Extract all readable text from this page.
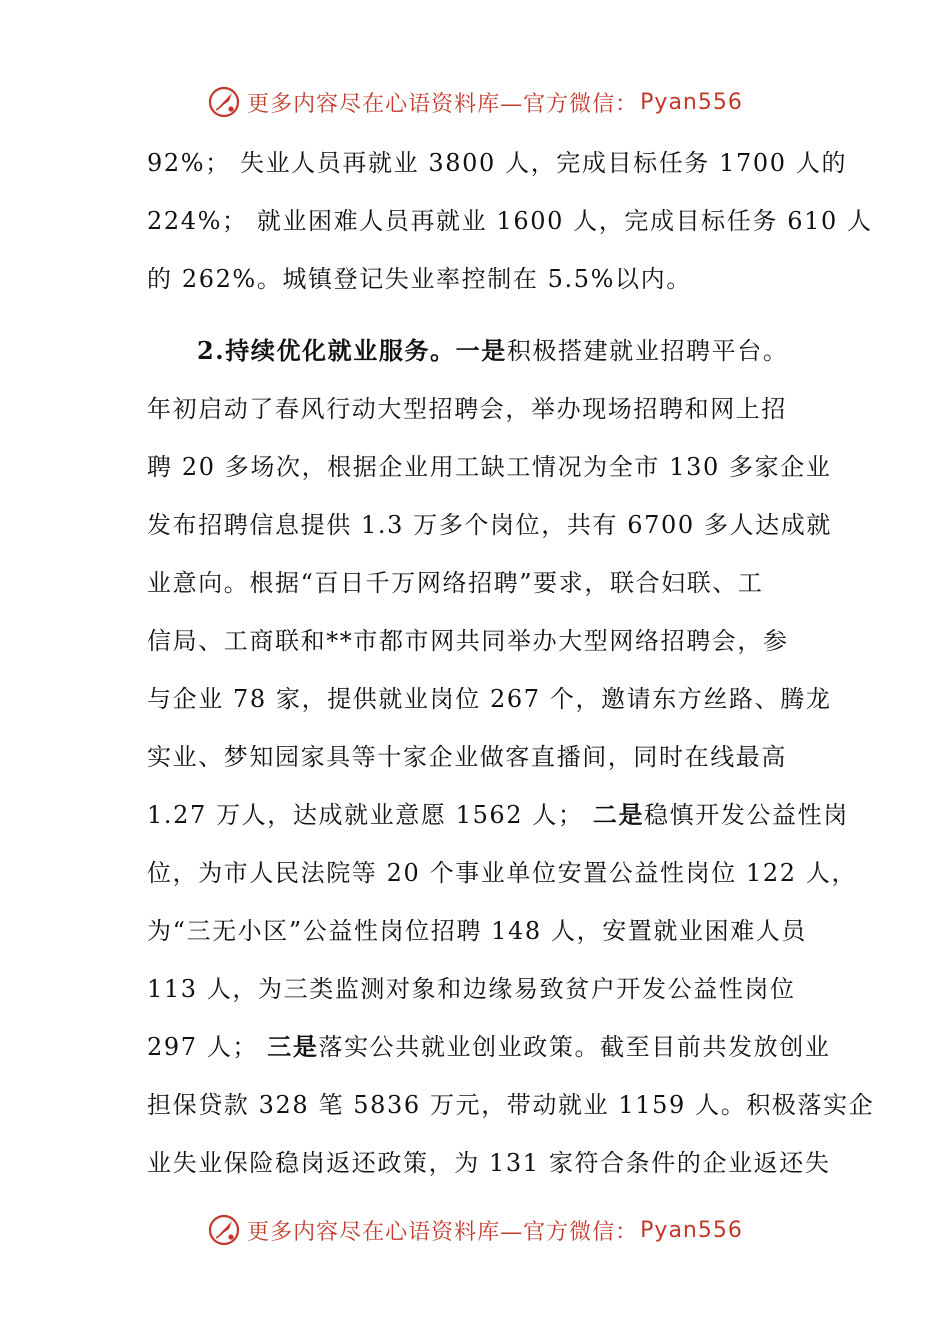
更多内容尽在心语资料库—官方微信： Pyan556
92%； 失业人员再就业 3800 人，完成目标任务 1700 人的
224%； 就业困难人员再就业 1600 人，完成目标任务 610 人
的 262%。城镇登记失业率控制在 5.5%以内。
2.持续优化就业服务。一是积极搭建就业招聘平台。
年初启动了春风行动大型招聘会，举办现场招聘和网上招
聘 20 多场次，根据企业用工缺工情况为全市 130 多家企业
发布招聘信息提供 1.3 万多个岗位，共有 6700 多人达成就
业意向。根据“百日千万网络招聘”要求，联合妇联、工
信局、工商联和**市都市网共同举办大型网络招聘会，参
与企业 78 家，提供就业岗位 267 个，邀请东方丝路、腾龙
实业、梦知园家具等十家企业做客直播间，同时在线最高
1.27 万人，达成就业意愿 1562 人； 二是稳慎开发公益性岗
位，为市人民法院等 20 个事业单位安置公益性岗位 122 人，
为“三无小区”公益性岗位招聘 148 人，安置就业困难人员
113 人，为三类监测对象和边缘易致贫户开发公益性岗位
297 人； 三是落实公共就业创业政策。截至目前共发放创业
担保贷款 328 笔 5836 万元，带动就业 1159 人。积极落实企
业失业保险稳岗返还政策，为 131 家符合条件的企业返还失
更多内容尽在心语资料库—官方微信： Pyan556
